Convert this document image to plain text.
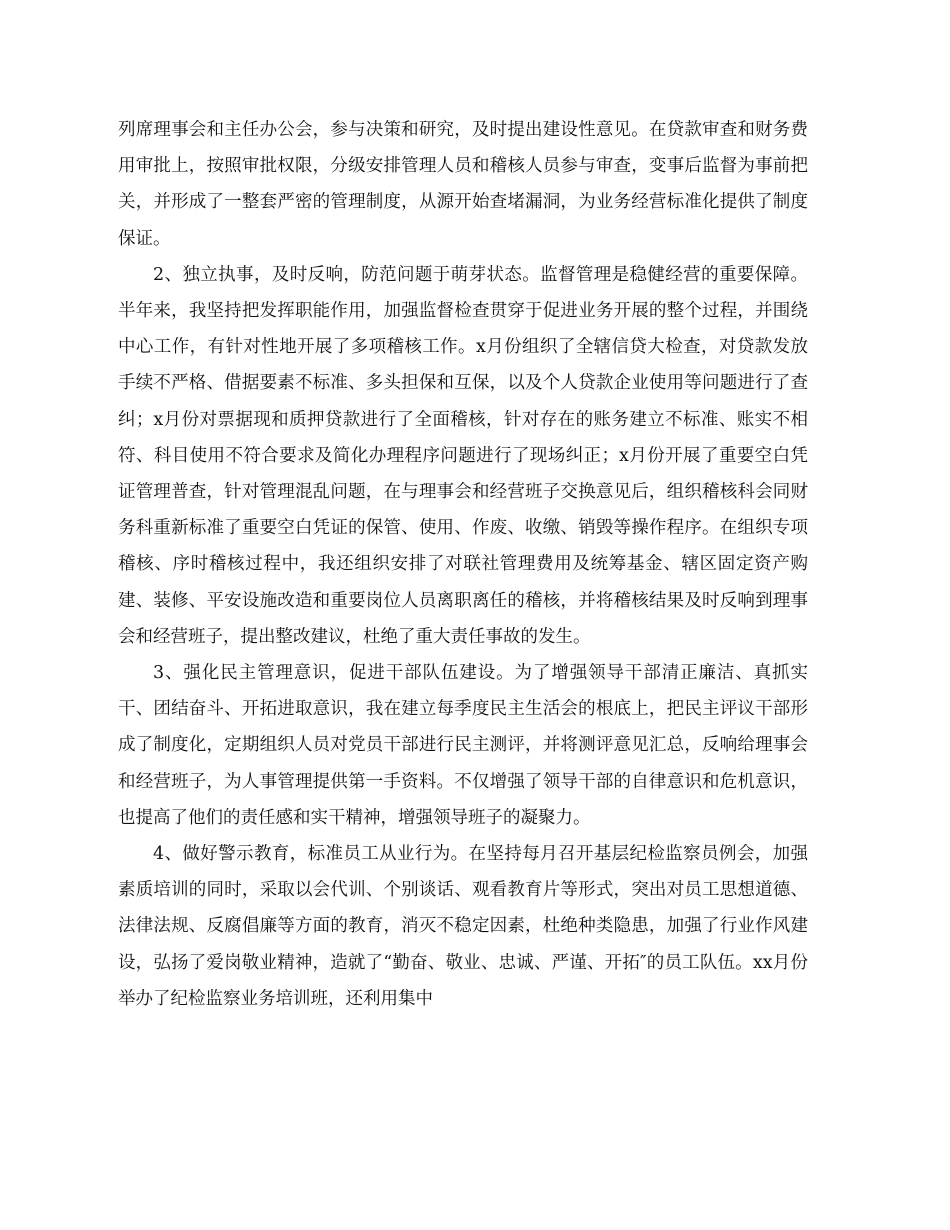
列席理事会和主任办公会，参与决策和研究，及时提出建设性意见。在贷款审查和财务费用审批上，按照审批权限，分级安排管理人员和稽核人员参与审查，变事后监督为事前把关，并形成了一整套严密的管理制度，从源开始查堵漏洞，为业务经营标准化提供了制度保证。

2、独立执事，及时反响，防范问题于萌芽状态。监督管理是稳健经营的重要保障。半年来，我坚持把发挥职能作用，加强监督检查贯穿于促进业务开展的整个过程，并围绕中心工作，有针对性地开展了多项稽核工作。x月份组织了全辖信贷大检查，对贷款发放手续不严格、借据要素不标准、多头担保和互保，以及个人贷款企业使用等问题进行了查纠；x月份对票据现和质押贷款进行了全面稽核，针对存在的账务建立不标准、账实不相符、科目使用不符合要求及简化办理程序问题进行了现场纠正；x月份开展了重要空白凭证管理普查，针对管理混乱问题，在与理事会和经营班子交换意见后，组织稽核科会同财务科重新标准了重要空白凭证的保管、使用、作废、收缴、销毁等操作程序。在组织专项稽核、序时稽核过程中，我还组织安排了对联社管理费用及统筹基金、辖区固定资产购建、装修、平安设施改造和重要岗位人员离职离任的稽核，并将稽核结果及时反响到理事会和经营班子，提出整改建议，杜绝了重大责任事故的发生。

3、强化民主管理意识，促进干部队伍建设。为了增强领导干部清正廉洁、真抓实干、团结奋斗、开拓进取意识，我在建立每季度民主生活会的根底上，把民主评议干部形成了制度化，定期组织人员对党员干部进行民主测评，并将测评意见汇总，反响给理事会和经营班子，为人事管理提供第一手资料。不仅增强了领导干部的自律意识和危机意识，也提高了他们的责任感和实干精神，增强领导班子的凝聚力。

4、做好警示教育，标准员工从业行为。在坚持每月召开基层纪检监察员例会，加强素质培训的同时，采取以会代训、个别谈话、观看教育片等形式，突出对员工思想道德、法律法规、反腐倡廉等方面的教育，消灭不稳定因素，杜绝种类隐患，加强了行业作风建设，弘扬了爱岗敬业精神，造就了“勤奋、敬业、忠诚、严谨、开拓″的员工队伍。xx月份举办了纪检监察业务培训班，还利用集中
